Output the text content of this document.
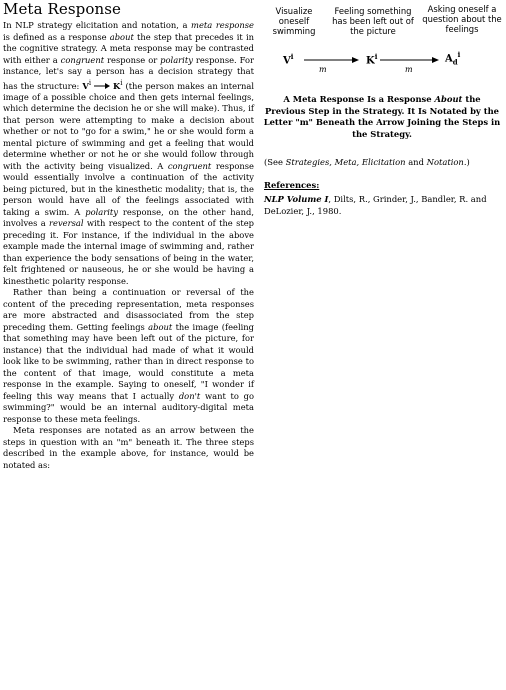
Meta Response

In NLP strategy elicitation and notation, a meta response is defined as a response about the step that precedes it in the cognitive strategy. A meta response may be contrasted with either a congruent response or polarity response. For instance, let's say a person has a decision strategy that has the structure: $V^i$	$K^i$ (the person makes an internal image of a possible choice and then gets internal feelings, which determine the decision he or she will make). Thus, if that person were attempting to make a decision about whether or not to "go for a swim," he or she would form a mental picture of swimming and get a feeling that would determine whether or not he or she would follow through with the activity being visualized. A congruent response would essentially involve a continuation of the activity being pictured, but in the kinesthetic modality; that is, the person would have all of the feelings associated with taking a swim. A polarity response, on the other hand, involves a reversal with respect to the content of the step preceding it. For instance, if the individual in the above example made the internal image of swimming and, rather than experience the body sensations of being in the water, felt frightened or nauseous, he or she would be having a kinesthetic polarity response.

Rather than being a continuation or reversal of the content of the preceding representation, meta responses are more abstracted and disassociated from the step preceding them. Getting feelings about the image (feeling that something may have been left out of the picture, for instance) that the individual had made of what it would look like to be swimming, rather than in direct response to the content of that image, would constitute a meta response in the example. Saying to oneself, "I wonder if feeling this way means that I actually don't want to go swimming?" would be an internal auditory-digital meta response to these meta feelings.

Meta responses are notated as an arrow between the steps in question with an "m" beneath it. The three steps described in the example above, for instance, would be notated as:

Visualize oneself swimming
Feeling something has been left out of the picture
Asking oneself a question about the feelings
$V^i$	$K^i$	$A_d^i$
m	m
A Meta Response Is a Response About the Previous Step in the Strategy. It Is Notated by the Letter "m" Beneath the Arrow Joining the Steps in the Strategy.
(See Strategies, Meta, Elicitation and Notation.)
References:
NLP Volume I, Dilts, R., Grinder, J., Bandler, R. and DeLozier, J., 1980.
